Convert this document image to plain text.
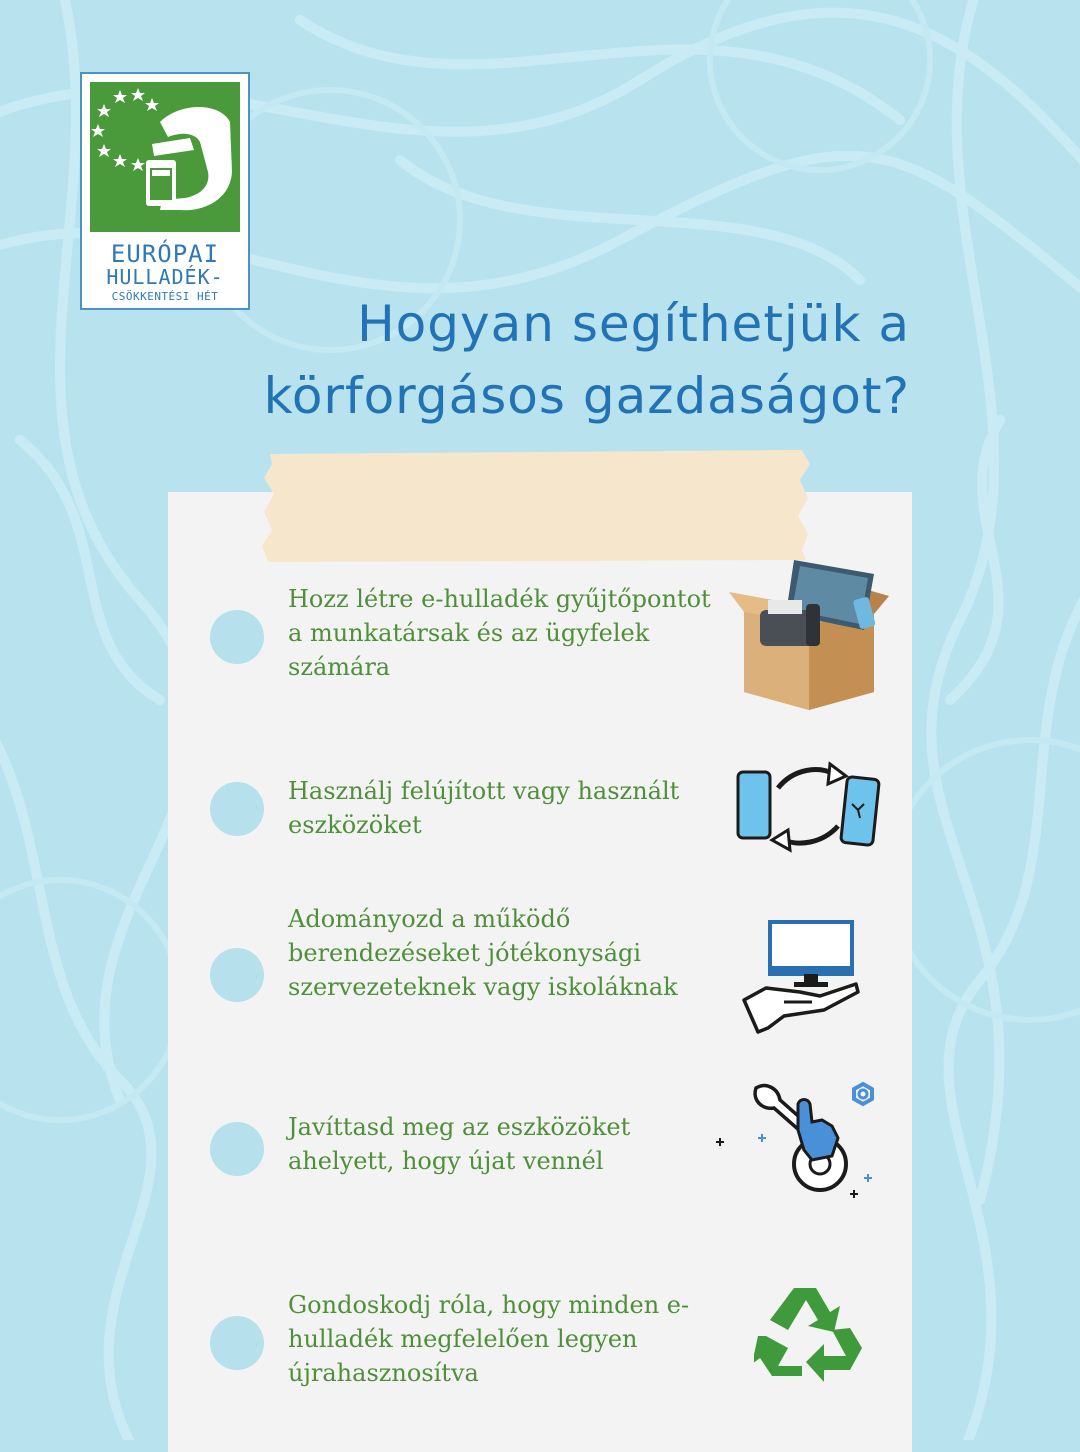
EURÓPAI
HULLADÉK-
CSÖKKENTÉSI HÉT	Hogyan segíthetjük a
körforgásos gazdaságot?
Hozz létre e-hulladék gyűjtőpontot a munkatársak és az ügyfelek számára
Használj felújított vagy használt eszközöket
Adományozd a működő berendezéseket jótékonysági szervezeteknek vagy iskoláknak
Javíttasd meg az eszközöket ahelyett, hogy újat vennél
Gondoskodj róla, hogy minden e-hulladék megfelelően legyen újrahasznosítva
